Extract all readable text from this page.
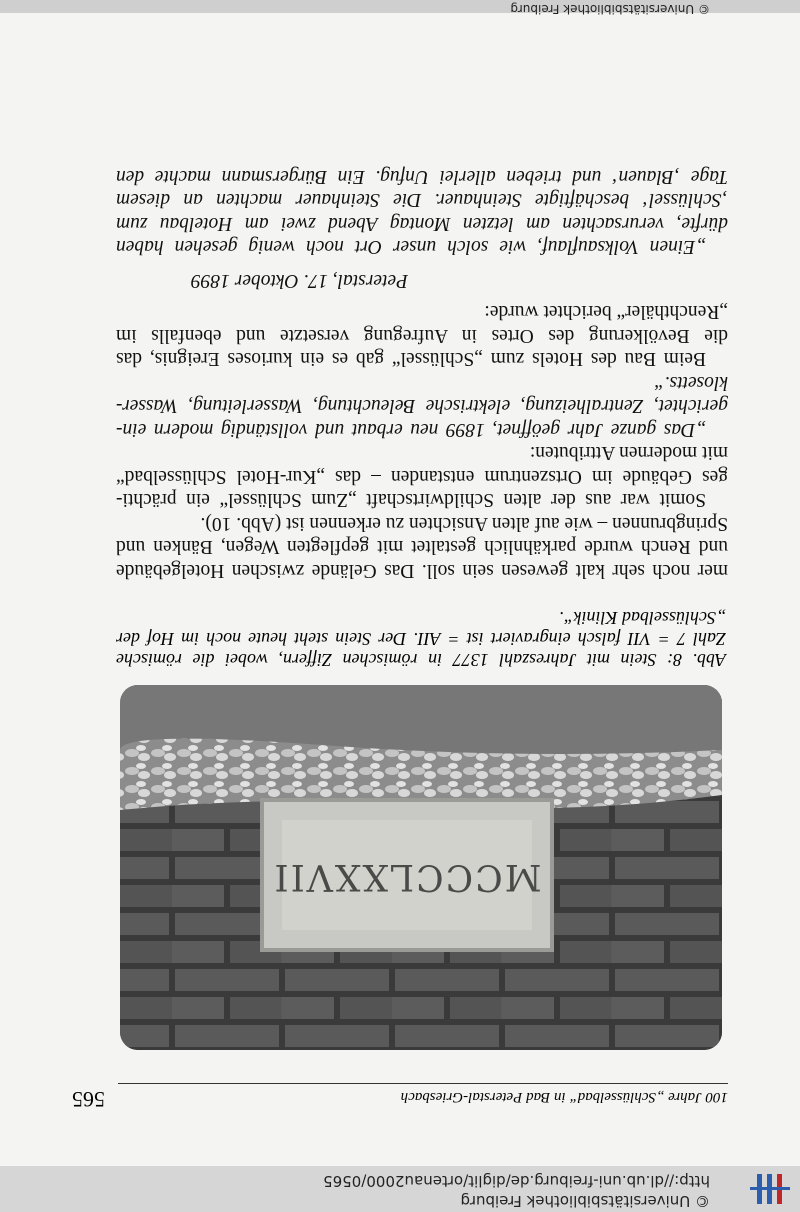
© Universitätsbibliothek Freiburg
http://dl.ub.uni-freiburg.de/diglit/ortenau2000/0565
100 Jahre „Schlüsselbad“ in Bad Peterstal-Griesbach
565
MCCCLXXVII
Abb. 8: Stein mit Jahreszahl 1377 in römischen Ziffern, wobei die römische
Zahl 7 = VII falsch eingraviert ist = AII. Der Stein steht heute noch im Hof der
„Schlüsselbad Klinik“.
mer noch sehr kalt gewesen sein soll. Das Gelände zwischen Hotelgebäude
und Rench wurde parkähnlich gestaltet mit gepflegten Wegen, Bänken und
Springbrunnen – wie auf alten Ansichten zu erkennen ist (Abb. 10).
Somit war aus der alten Schildwirtschaft „Zum Schlüssel“ ein prächti-
ges Gebäude im Ortszentrum entstanden – das „Kur-Hotel Schlüsselbad“
mit modernen Attributen:
„Das ganze Jahr geöffnet, 1899 neu erbaut und vollständig modern ein-
gerichtet, Zentralheizung, elektrische Beleuchtung, Wasserleitung, Wasser-
klosetts.“
Beim Bau des Hotels zum „Schlüssel“ gab es ein kurioses Ereignis, das
die Bevölkerung des Ortes in Aufregung versetzte und ebenfalls im
„Renchthäler“ berichtet wurde:
Peterstal, 17. Oktober 1899
„Einen Volksauflauf, wie solch unser Ort noch wenig gesehen haben
dürfte, verursachten am letzten Montag Abend zwei am Hotelbau zum
‚Schlüssel‘ beschäftigte Steinhauer. Die Steinhauer machten an diesem
Tage ‚Blauen‘ und trieben allerlei Unfug. Ein Bürgersmann machte den
© Universitätsbibliothek Freiburg
